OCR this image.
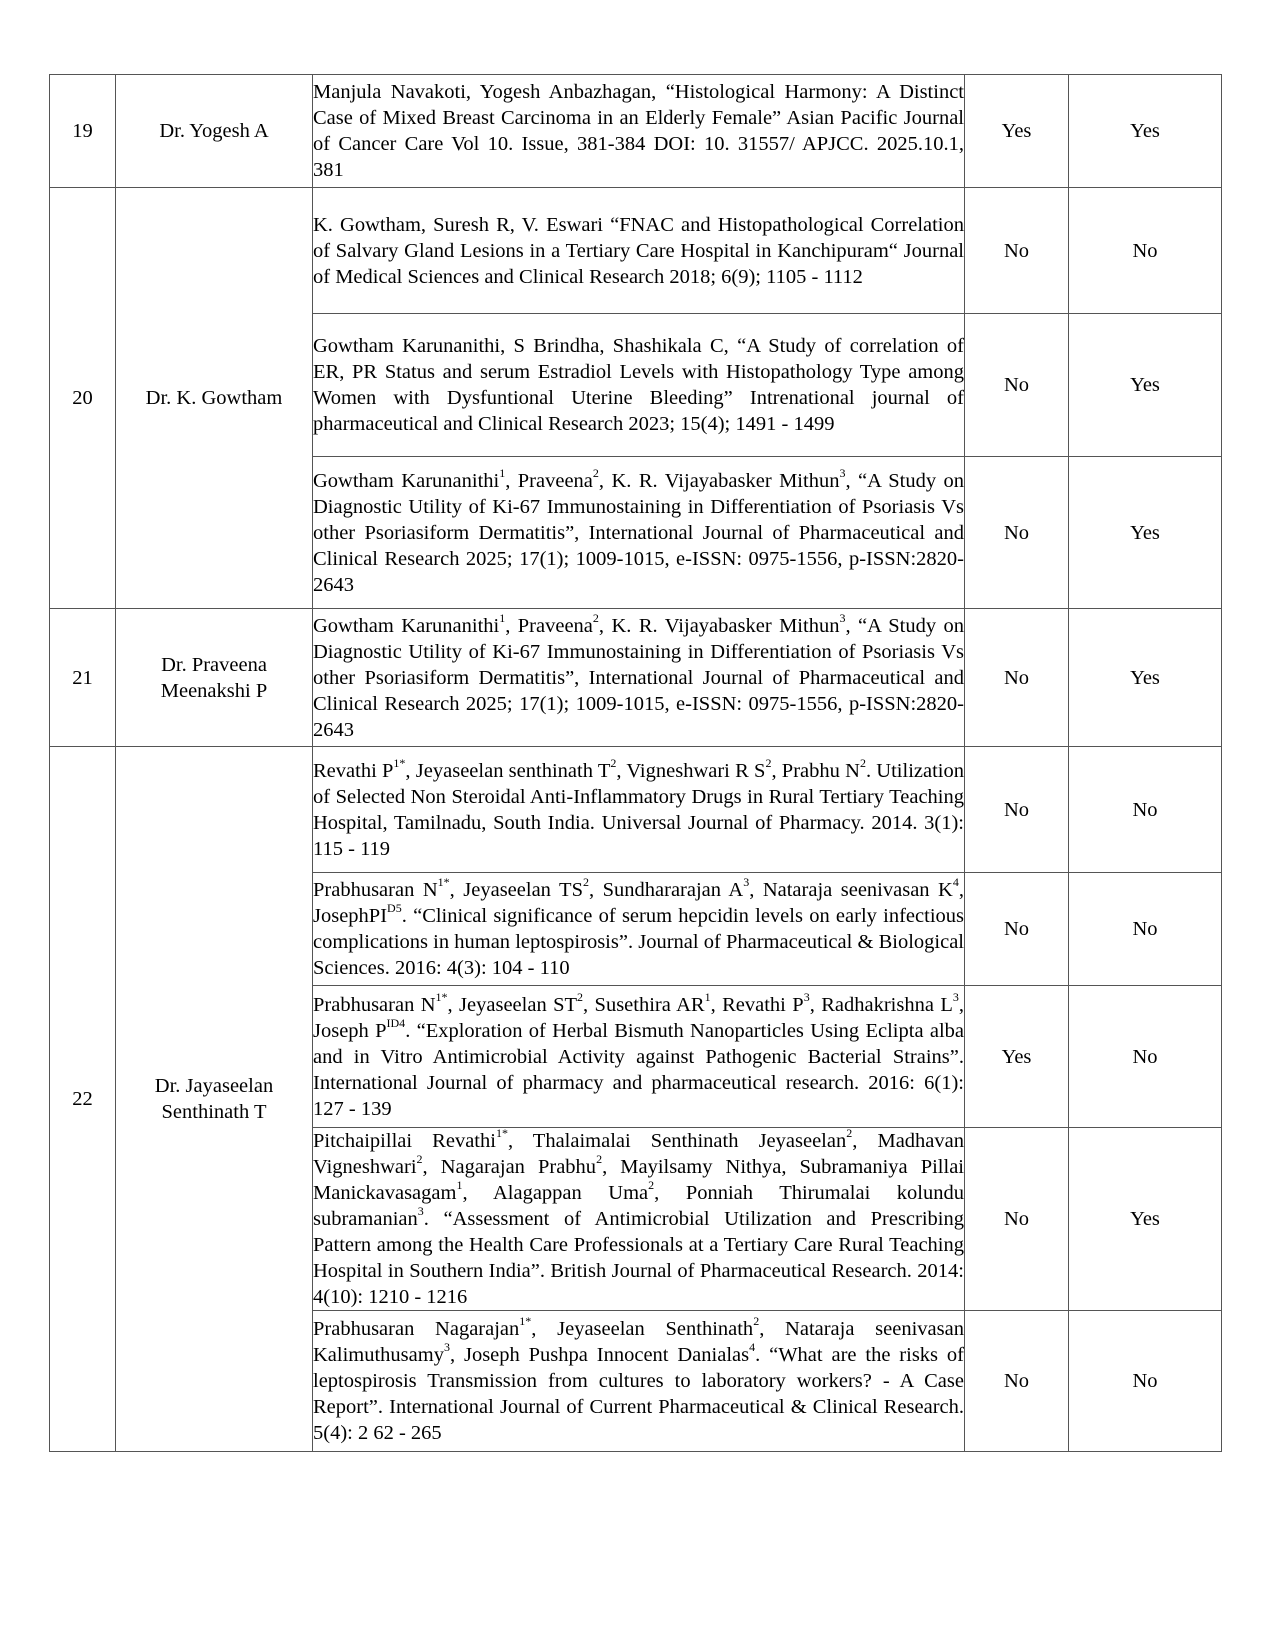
19	Dr. Yogesh A	Manjula Navakoti, Yogesh Anbazhagan, “Histological Harmony: A Distinct Case of Mixed Breast Carcinoma in an Elderly Female” Asian Pacific Journal of Cancer Care Vol 10. Issue, 381-384 DOI: 10. 31557/ APJCC. 2025.10.1, 381	Yes	Yes
20	Dr. K. Gowtham	K. Gowtham, Suresh R, V. Eswari “FNAC and Histopathological Correlation of Salvary Gland Lesions in a Tertiary Care Hospital in Kanchipuram“ Journal of Medical Sciences and Clinical Research 2018; 6(9); 1105 - 1112	No	No
		Gowtham Karunanithi, S Brindha, Shashikala C, “A Study of correlation of ER, PR Status and serum Estradiol Levels with Histopathology Type among Women with Dysfuntional Uterine Bleeding” Intrenational journal of pharmaceutical and Clinical Research 2023; 15(4); 1491 - 1499	No	Yes
		Gowtham Karunanithi$^1$, Praveena$^2$, K. R. Vijayabasker Mithun$^3$, “A Study on Diagnostic Utility of Ki-67 Immunostaining in Differentiation of Psoriasis Vs other Psoriasiform Dermatitis”, International Journal of Pharmaceutical and Clinical Research 2025; 17(1); 1009-1015, e-ISSN: 0975-1556, p-ISSN:2820-2643	No	Yes
21	Dr. Praveena Meenakshi P	Gowtham Karunanithi$^1$, Praveena$^2$, K. R. Vijayabasker Mithun$^3$, “A Study on Diagnostic Utility of Ki-67 Immunostaining in Differentiation of Psoriasis Vs other Psoriasiform Dermatitis”, International Journal of Pharmaceutical and Clinical Research 2025; 17(1); 1009-1015, e-ISSN: 0975-1556, p-ISSN:2820-2643	No	Yes
22	Dr. Jayaseelan Senthinath T	Revathi $P^{1*}$, Jeyaseelan senthinath $T^2$, Vigneshwari R $S^2$, Prabhu $N^2$. Utilization of Selected Non Steroidal Anti-Inflammatory Drugs in Rural Tertiary Teaching Hospital, Tamilnadu, South India. Universal Journal of Pharmacy. 2014. 3(1): 115 - 119	No	No
		Prabhusaran $N^{1*}$, Jeyaseelan $TS^2$, Sundhararajan $A^3$, Nataraja seenivasan $K^4$, JosephPI$^{D5}$. “Clinical significance of serum hepcidin levels on early infectious complications in human leptospirosis”. Journal of Pharmaceutical & Biological Sciences. 2016: 4(3): 104 - 110	No	No
		Prabhusaran $N^{1*}$, Jeyaseelan $ST^2$, Susethira $AR^1$, Revathi $P^3$, Radhakrishna $L^3$, Joseph $P^{ID4}$. “Exploration of Herbal Bismuth Nanoparticles Using Eclipta alba and in Vitro Antimicrobial Activity against Pathogenic Bacterial Strains”. International Journal of pharmacy and pharmaceutical research. 2016: 6(1): 127 - 139	Yes	No
		Pitchaipillai Revathi$^{1*}$, Thalaimalai Senthinath Jeyaseelan$^2$, Madhavan Vigneshwari$^2$, Nagarajan Prabhu$^2$, Mayilsamy Nithya, Subramaniya Pillai Manickavasagam$^1$, Alagappan Uma$^2$, Ponniah Thirumalai kolundu subramanian$^3$. “Assessment of Antimicrobial Utilization and Prescribing Pattern among the Health Care Professionals at a Tertiary Care Rural Teaching Hospital in Southern India”. British Journal of Pharmaceutical Research. 2014: 4(10): 1210 - 1216	No	Yes
		Prabhusaran Nagarajan$^{1*}$, Jeyaseelan Senthinath$^2$, Nataraja seenivasan Kalimuthusamy$^3$, Joseph Pushpa Innocent Danialas$^4$. “What are the risks of leptospirosis Transmission from cultures to laboratory workers? - A Case Report”. International Journal of Current Pharmaceutical & Clinical Research. 5(4): 2 62 - 265	No	No
